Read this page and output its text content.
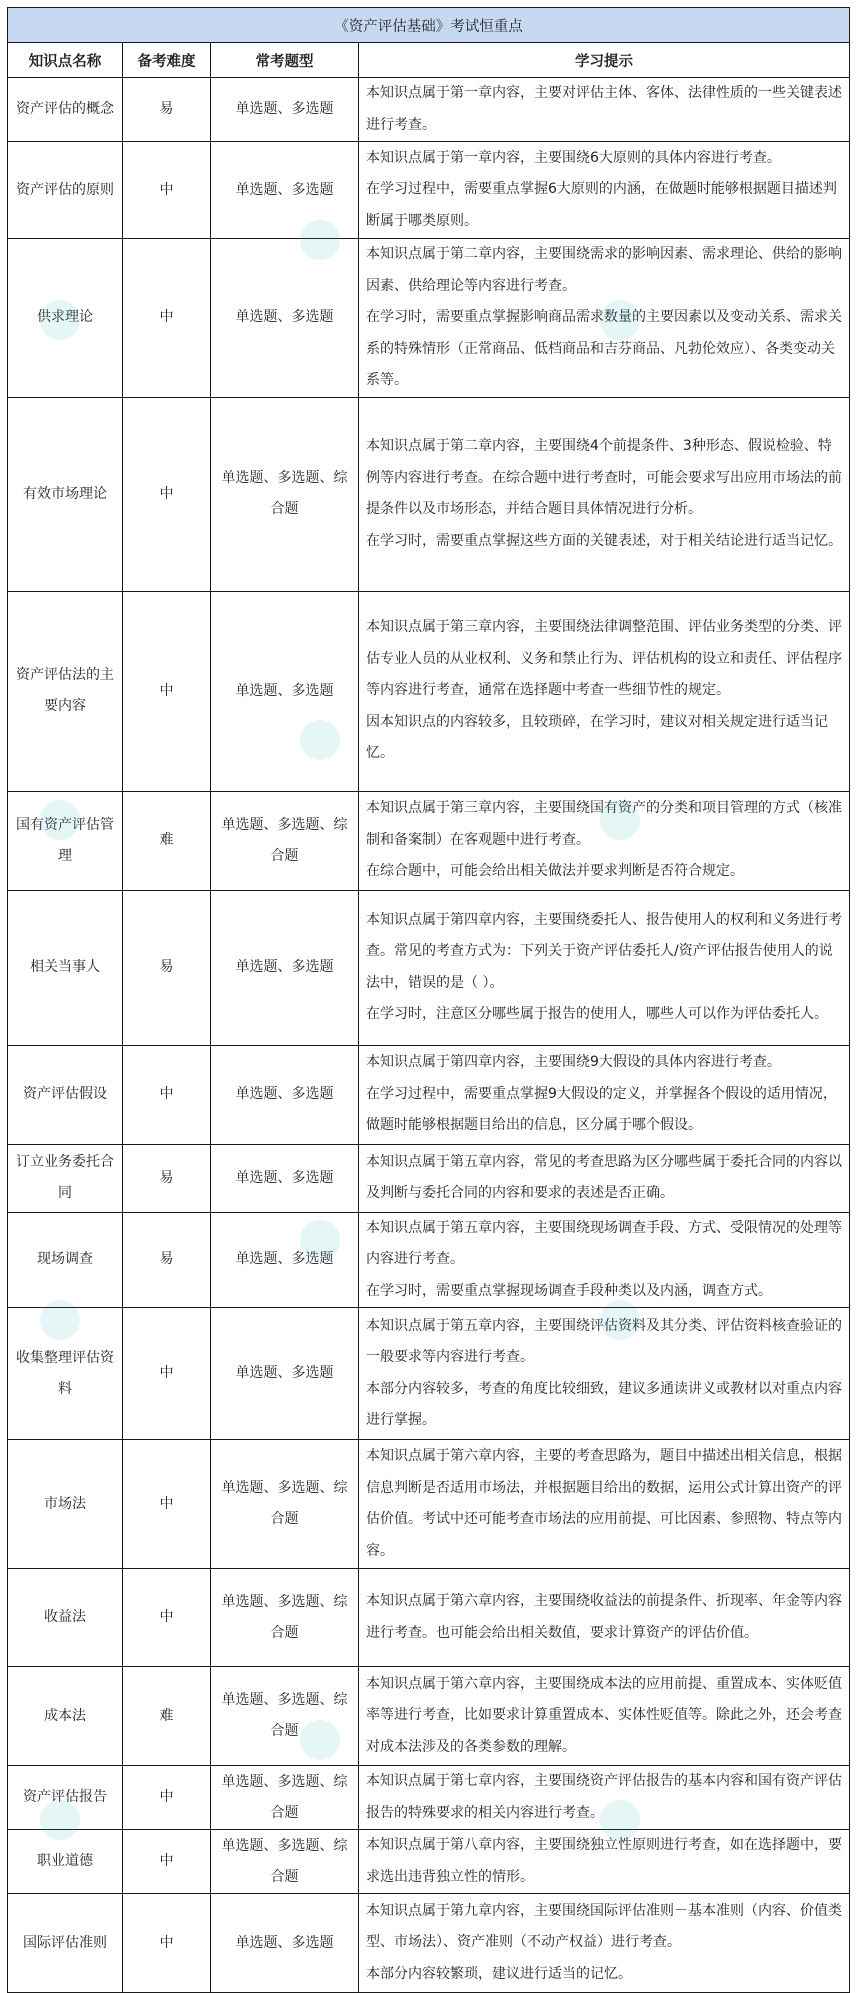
《资产评估基础》考试恒重点			
知识点名称	备考难度	常考题型	学习提示
资产评估的概念	易	单选题、多选题	本知识点属于第一章内容，主要对评估主体、客体、法律性质的一些关键表述进行考查。

资产评估的原则	中	单选题、多选题	本知识点属于第一章内容，主要围绕6大原则的具体内容进行考查。
在学习过程中，需要重点掌握6大原则的内涵，在做题时能够根据题目描述判断属于哪类原则。

供求理论	中	单选题、多选题	本知识点属于第二章内容，主要围绕需求的影响因素、需求理论、供给的影响因素、供给理论等内容进行考查。
在学习时，需要重点掌握影响商品需求数量的主要因素以及变动关系、需求关系的特殊情形（正常商品、低档商品和吉芬商品、凡勃伦效应）、各类变动关系等。

有效市场理论	中	单选题、多选题、综合题	本知识点属于第二章内容，主要围绕4个前提条件、3种形态、假说检验、特例等内容进行考查。在综合题中进行考查时，可能会要求写出应用市场法的前提条件以及市场形态，并结合题目具体情况进行分析。
在学习时，需要重点掌握这些方面的关键表述，对于相关结论进行适当记忆。

资产评估法的主要内容	中	单选题、多选题	本知识点属于第三章内容，主要围绕法律调整范围、评估业务类型的分类、评估专业人员的从业权利、义务和禁止行为、评估机构的设立和责任、评估程序等内容进行考查，通常在选择题中考查一些细节性的规定。
因本知识点的内容较多，且较琐碎，在学习时，建议对相关规定进行适当记忆。

国有资产评估管理	难	单选题、多选题、综合题	本知识点属于第三章内容，主要围绕国有资产的分类和项目管理的方式（核准制和备案制）在客观题中进行考查。
在综合题中，可能会给出相关做法并要求判断是否符合规定。

相关当事人	易	单选题、多选题	本知识点属于第四章内容，主要围绕委托人、报告使用人的权利和义务进行考查。常见的考查方式为：下列关于资产评估委托人/资产评估报告使用人的说法中，错误的是（ ）。
在学习时，注意区分哪些属于报告的使用人，哪些人可以作为评估委托人。

资产评估假设	中	单选题、多选题	本知识点属于第四章内容，主要围绕9大假设的具体内容进行考查。
在学习过程中，需要重点掌握9大假设的定义，并掌握各个假设的适用情况，做题时能够根据题目给出的信息，区分属于哪个假设。

订立业务委托合同	易	单选题、多选题	本知识点属于第五章内容，常见的考查思路为区分哪些属于委托合同的内容以及判断与委托合同的内容和要求的表述是否正确。

现场调查	易	单选题、多选题	本知识点属于第五章内容，主要围绕现场调查手段、方式、受限情况的处理等内容进行考查。
在学习时，需要重点掌握现场调查手段种类以及内涵，调查方式。

收集整理评估资料	中	单选题、多选题	本知识点属于第五章内容，主要围绕评估资料及其分类、评估资料核查验证的一般要求等内容进行考查。
本部分内容较多，考查的角度比较细致，建议多通读讲义或教材以对重点内容进行掌握。

市场法	中	单选题、多选题、综合题	本知识点属于第六章内容，主要的考查思路为，题目中描述出相关信息，根据信息判断是否适用市场法，并根据题目给出的数据，运用公式计算出资产的评估价值。考试中还可能考查市场法的应用前提、可比因素、参照物、特点等内容。

收益法	中	单选题、多选题、综合题	本知识点属于第六章内容，主要围绕收益法的前提条件、折现率、年金等内容进行考查。也可能会给出相关数值，要求计算资产的评估价值。

成本法	难	单选题、多选题、综合题	本知识点属于第六章内容，主要围绕成本法的应用前提、重置成本、实体贬值率等进行考查，比如要求计算重置成本、实体性贬值等。除此之外，还会考查对成本法涉及的各类参数的理解。

资产评估报告	中	单选题、多选题、综合题	本知识点属于第七章内容，主要围绕资产评估报告的基本内容和国有资产评估报告的特殊要求的相关内容进行考查。

职业道德	中	单选题、多选题、综合题	本知识点属于第八章内容，主要围绕独立性原则进行考查，如在选择题中，要求选出违背独立性的情形。

国际评估准则	中	单选题、多选题	本知识点属于第九章内容，主要围绕国际评估准则－基本准则（内容、价值类型、市场法）、资产准则（不动产权益）进行考查。
本部分内容较繁琐，建议进行适当的记忆。
